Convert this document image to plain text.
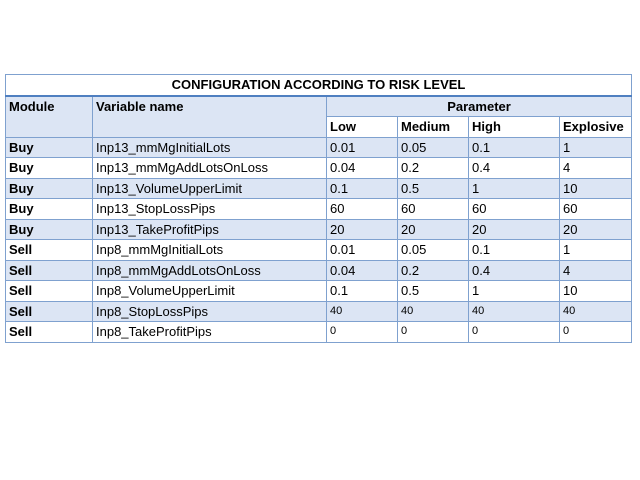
CONFIGURATION ACCORDING TO RISK LEVEL					
Module	Variable name	Parameter			
		Low	Medium	High	Explosive
Buy	Inp13_mmMgInitialLots	0.01	0.05	0.1	1
Buy	Inp13_mmMgAddLotsOnLoss	0.04	0.2	0.4	4
Buy	Inp13_VolumeUpperLimit	0.1	0.5	1	10
Buy	Inp13_StopLossPips	60	60	60	60
Buy	Inp13_TakeProfitPips	20	20	20	20
Sell	Inp8_mmMgInitialLots	0.01	0.05	0.1	1
Sell	Inp8_mmMgAddLotsOnLoss	0.04	0.2	0.4	4
Sell	Inp8_VolumeUpperLimit	0.1	0.5	1	10
Sell	Inp8_StopLossPips	40	40	40	40
Sell	Inp8_TakeProfitPips	0	0	0	0
